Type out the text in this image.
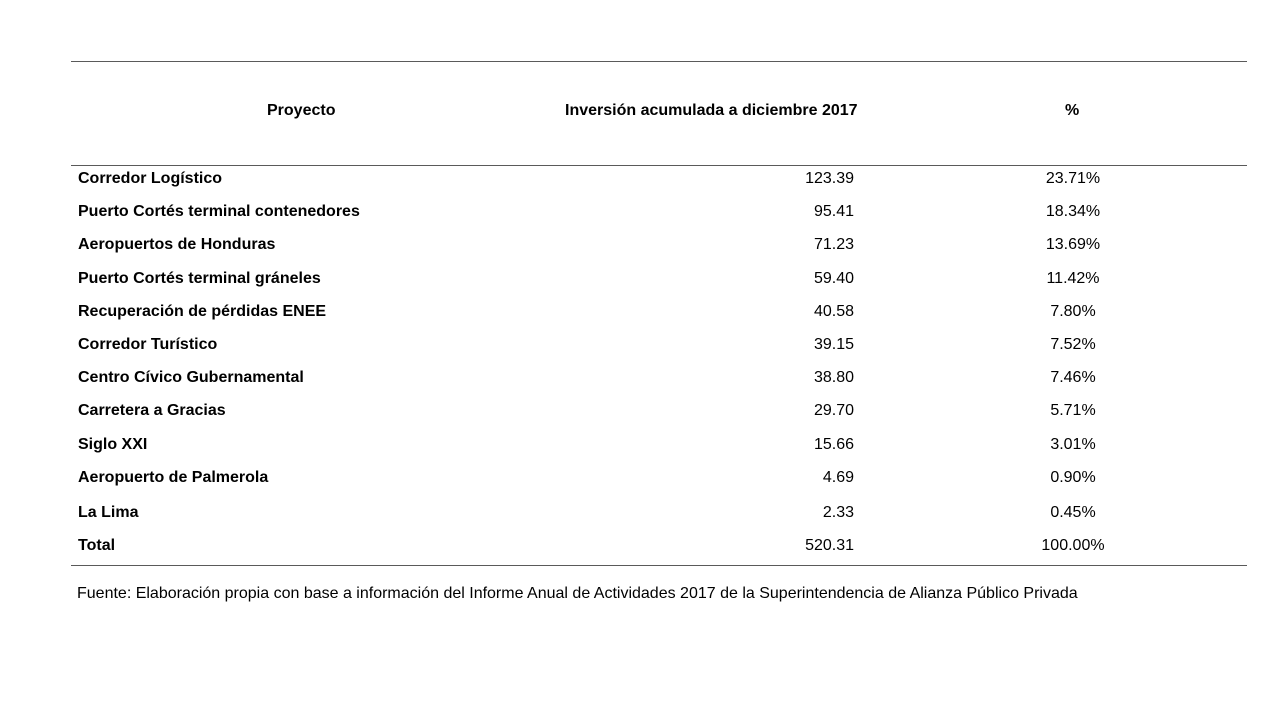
Proyecto	Inversión acumulada a diciembre 2017	%
Corredor Logístico	123.39	23.71%
Puerto Cortés terminal contenedores	95.41	18.34%
Aeropuertos de Honduras	71.23	13.69%
Puerto Cortés terminal gráneles	59.40	11.42%
Recuperación de pérdidas ENEE	40.58	7.80%
Corredor Turístico	39.15	7.52%
Centro Cívico Gubernamental	38.80	7.46%
Carretera a Gracias	29.70	5.71%
Siglo XXI	15.66	3.01%
Aeropuerto de Palmerola	4.69	0.90%
La Lima	2.33	0.45%
Total	520.31	100.00%
Fuente: Elaboración propia con base a información del Informe Anual de Actividades 2017 de la Superintendencia de Alianza Público Privada
